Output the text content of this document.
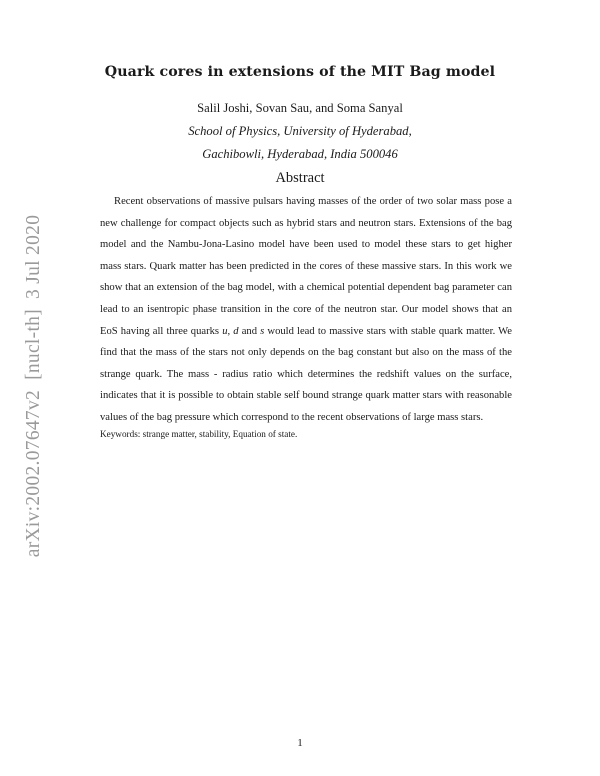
arXiv:2002.07647v2[nucl-th]3 Jul 2020
Quark cores in extensions of the MIT Bag model
Salil Joshi, Sovan Sau, and Soma Sanyal
School of Physics, University of Hyderabad,
Gachibowli, Hyderabad, India 500046
Abstract
Recent observations of massive pulsars having masses of the order of two solar mass pose a new challenge for compact objects such as hybrid stars and neutron stars. Extensions of the bag model and the Nambu-Jona-Lasino model have been used to model these stars to get higher mass stars. Quark matter has been predicted in the cores of these massive stars. In this work we show that an extension of the bag model, with a chemical potential dependent bag parameter can lead to an isentropic phase transition in the core of the neutron star. Our model shows that an EoS having all three quarks u, d and s would lead to massive stars with stable quark matter. We find that the mass of the stars not only depends on the bag constant but also on the mass of the strange quark. The mass - radius ratio which determines the redshift values on the surface, indicates that it is possible to obtain stable self bound strange quark matter stars with reasonable values of the bag pressure which correspond to the recent observations of large mass stars.
Keywords: strange matter, stability, Equation of state.
1
